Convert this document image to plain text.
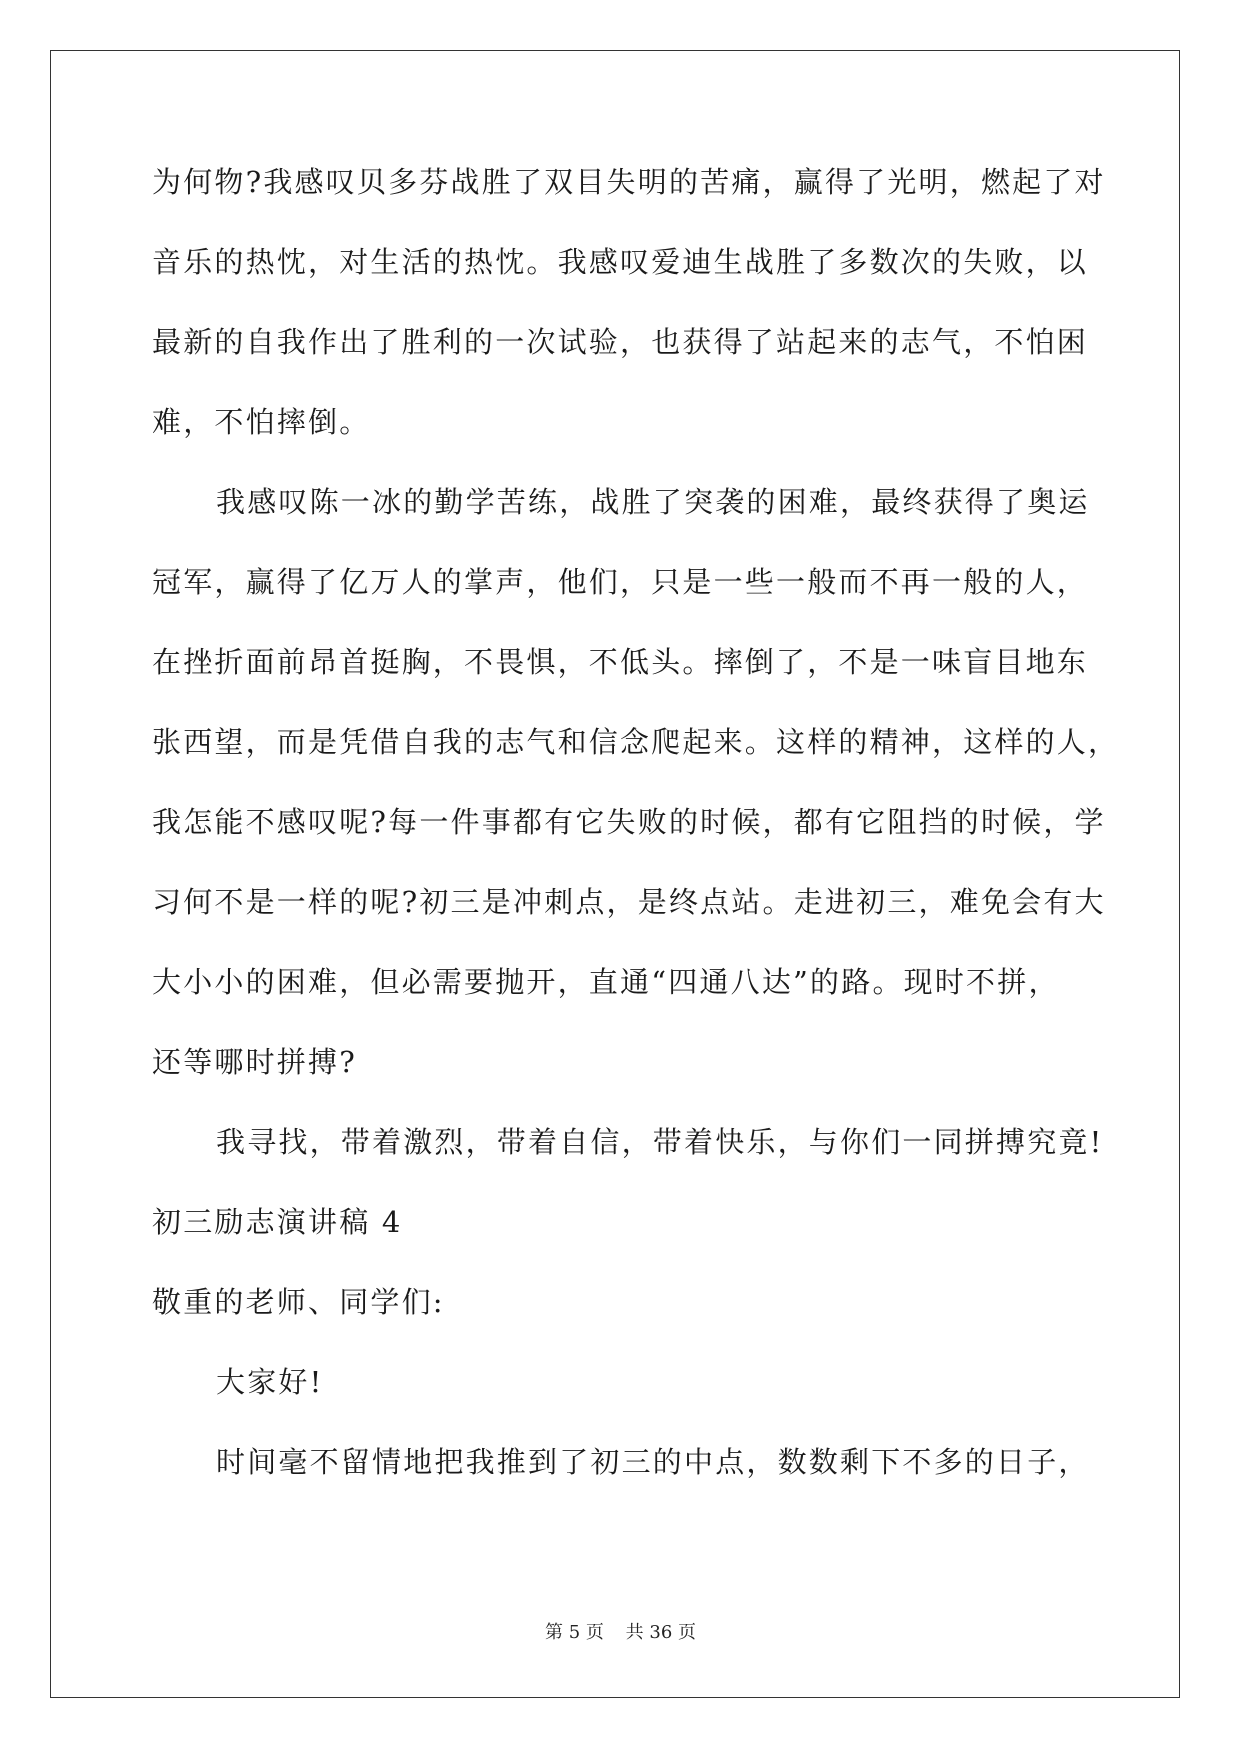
为何物?我感叹贝多芬战胜了双目失明的苦痛，赢得了光明，燃起了对
音乐的热忱，对生活的热忱。我感叹爱迪生战胜了多数次的失败，以
最新的自我作出了胜利的一次试验，也获得了站起来的志气，不怕困
难，不怕摔倒。
我感叹陈一冰的勤学苦练，战胜了突袭的困难，最终获得了奥运
冠军，赢得了亿万人的掌声，他们，只是一些一般而不再一般的人，
在挫折面前昂首挺胸，不畏惧，不低头。摔倒了，不是一味盲目地东
张西望，而是凭借自我的志气和信念爬起来。这样的精神，这样的人，
我怎能不感叹呢?每一件事都有它失败的时候，都有它阻挡的时候，学
习何不是一样的呢?初三是冲刺点，是终点站。走进初三，难免会有大
大小小的困难，但必需要抛开，直通“四通八达”的路。现时不拼，
还等哪时拼搏?
我寻找，带着激烈，带着自信，带着快乐，与你们一同拼搏究竟!
初三励志演讲稿 4
敬重的老师、同学们:
大家好!
时间毫不留情地把我推到了初三的中点，数数剩下不多的日子，
第 5 页 共 36 页
